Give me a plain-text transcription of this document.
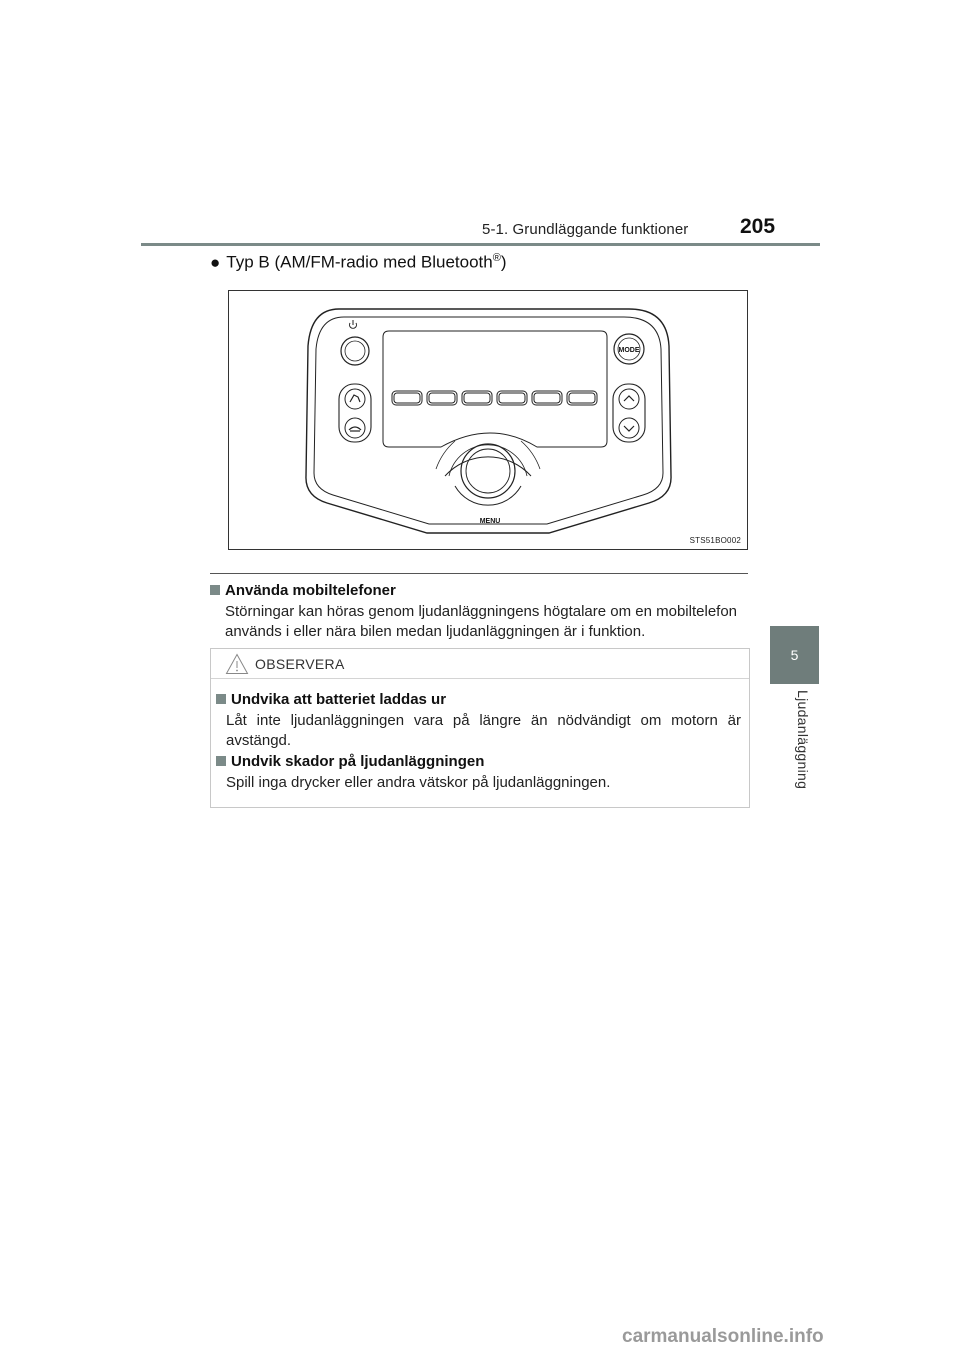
5-1. Grundläggande funktioner 205
5
Ljudanläggning
● Typ B (AM/FM-radio med Bluetooth®)
MODE
MENU
STS51BO002
Använda mobiltelefoner
Störningar kan höras genom ljudanläggningens högtalare om en mobiltelefon används i eller nära bilen medan ljudanläggningen är i funktion.
OBSERVERA
Undvika att batteriet laddas ur
Låt inte ljudanläggningen vara på längre än nödvändigt om motorn är avstängd.
Undvik skador på ljudanläggningen
Spill inga drycker eller andra vätskor på ljudanläggningen.
carmanualsonline.info
